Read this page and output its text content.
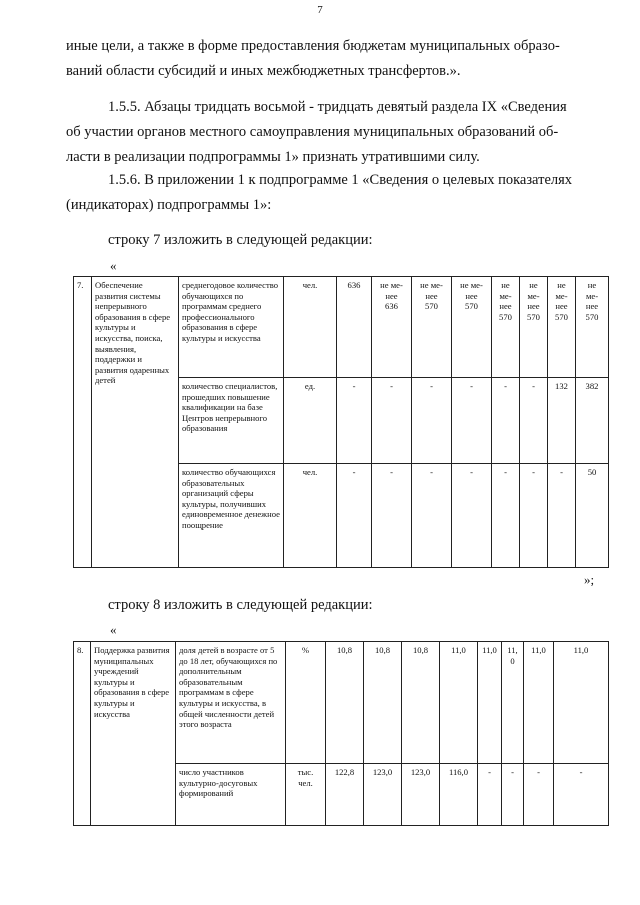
7
иные цели, а также в форме предоставления бюджетам муниципальных образо-
ваний области субсидий и иных межбюджетных трансфертов.».
1.5.5. Абзацы тридцать восьмой - тридцать девятый раздела IX «Сведения
об участии органов местного самоуправления муниципальных образований об-
ласти в реализации подпрограммы 1» признать утратившими силу.
1.5.6. В приложении 1 к подпрограмме 1 «Сведения о целевых показателях
(индикаторах) подпрограммы 1»:
строку 7 изложить в следующей редакции:
«
7.	Обеспечение развития системы непрерывного образования в сфере культуры и искусства, поиска, выявления, поддержки и развития одаренных детей	среднегодовое количество обучающихся по программам среднего профессионального образования в сфере культуры и искусства	чел.	636	не ме-
нее
636	не ме-
нее
570	не ме-
нее
570	не
ме-
нее
570	не
ме-
нее
570	не
ме-
нее
570	не
ме-
нее
570
		количество специалистов, прошедших повышение квалификации на базе Центров непрерывного образования	ед.	-	-	-	-	-	-	132	382
		количество обучающихся образовательных организаций сферы культуры, получивших единовременное денежное поощрение	чел.	-	-	-	-	-	-	-	50
»;
строку 8 изложить в следующей редакции:
«
8.	Поддержка развития муниципальных учреждений культуры и образования в сфере культуры и искусства	доля детей в возрасте от 5 до 18 лет, обучающихся по дополнительным образовательным программам в сфере культуры и искусства, в общей численности детей этого возраста	%	10,8	10,8	10,8	11,0	11,0	11,
0	11,0	11,0
		число участников культурно-досуговых формирований	тыс.
чел.	122,8	123,0	123,0	116,0	-	-	-	-
